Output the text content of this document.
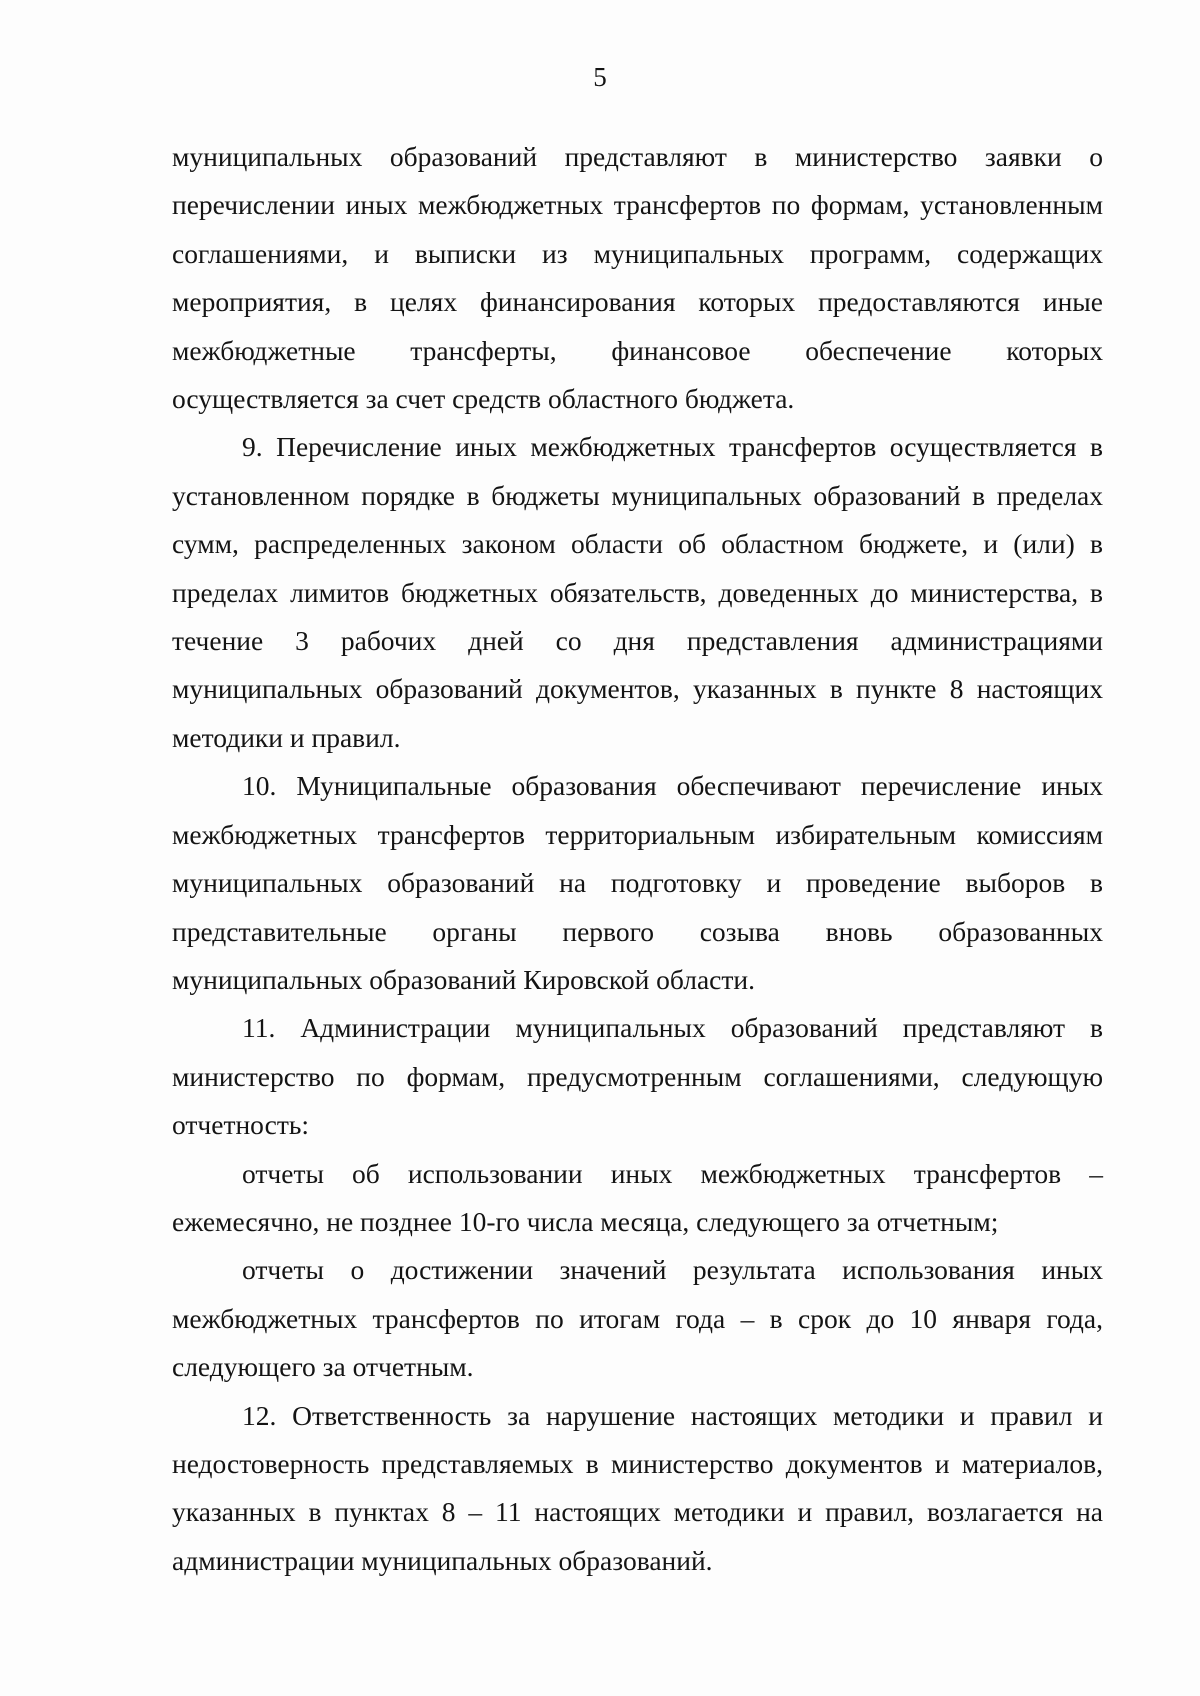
5

муниципальных образований представляют в министерство заявки о перечислении иных межбюджетных трансфертов по формам, установленным соглашениями, и выписки из муниципальных программ, содержащих мероприятия, в целях финансирования которых предоставляются иные межбюджетные трансферты, финансовое обеспечение которых осуществляется за счет средств областного бюджета.

9. Перечисление иных межбюджетных трансфертов осуществляется в установленном порядке в бюджеты муниципальных образований в пределах сумм, распределенных законом области об областном бюджете, и (или) в пределах лимитов бюджетных обязательств, доведенных до министерства, в течение 3 рабочих дней со дня представления администрациями муниципальных образований документов, указанных в пункте 8 настоящих методики и правил.

10. Муниципальные образования обеспечивают перечисление иных межбюджетных трансфертов территориальным избирательным комиссиям муниципальных образований на подготовку и проведение выборов в представительные органы первого созыва вновь образованных муниципальных образований Кировской области.

11. Администрации муниципальных образований представляют в министерство по формам, предусмотренным соглашениями, следующую отчетность:

отчеты об использовании иных межбюджетных трансфертов – ежемесячно, не позднее 10-го числа месяца, следующего за отчетным;

отчеты о достижении значений результата использования иных межбюджетных трансфертов по итогам года – в срок до 10 января года, следующего за отчетным.

12. Ответственность за нарушение настоящих методики и правил и недостоверность представляемых в министерство документов и материалов, указанных в пунктах 8 – 11 настоящих методики и правил, возлагается на администрации муниципальных образований.
